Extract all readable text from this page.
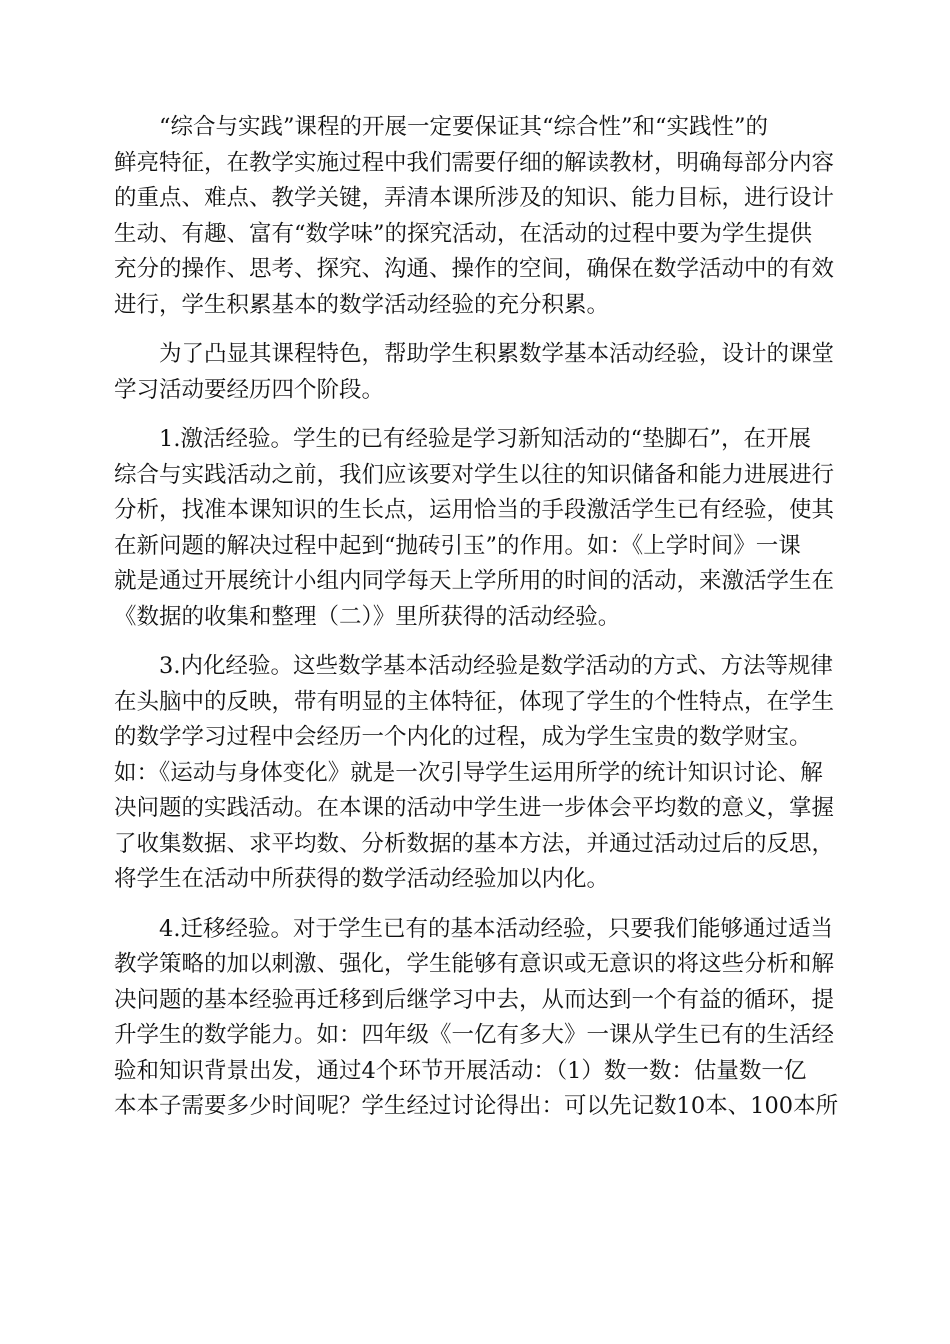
　　“综合与实践”课程的开展一定要保证其“综合性”和“实践性”的
鲜亮特征，在教学实施过程中我们需要仔细的解读教材，明确每部分内容
的重点、难点、教学关键，弄清本课所涉及的知识、能力目标，进行设计
生动、有趣、富有“数学味”的探究活动，在活动的过程中要为学生提供
充分的操作、思考、探究、沟通、操作的空间，确保在数学活动中的有效
进行，学生积累基本的数学活动经验的充分积累。

　　为了凸显其课程特色，帮助学生积累数学基本活动经验，设计的课堂
学习活动要经历四个阶段。

　　1.激活经验。学生的已有经验是学习新知活动的“垫脚石”，在开展
综合与实践活动之前，我们应该要对学生以往的知识储备和能力进展进行
分析，找准本课知识的生长点，运用恰当的手段激活学生已有经验，使其
在新问题的解决过程中起到“抛砖引玉”的作用。如：《上学时间》一课
就是通过开展统计小组内同学每天上学所用的时间的活动，来激活学生在
《数据的收集和整理（二）》里所获得的活动经验。

　　3.内化经验。这些数学基本活动经验是数学活动的方式、方法等规律
在头脑中的反映，带有明显的主体特征，体现了学生的个性特点，在学生
的数学学习过程中会经历一个内化的过程，成为学生宝贵的数学财宝。
如：《运动与身体变化》就是一次引导学生运用所学的统计知识讨论、解
决问题的实践活动。在本课的活动中学生进一步体会平均数的意义，掌握
了收集数据、求平均数、分析数据的基本方法，并通过活动过后的反思，
将学生在活动中所获得的数学活动经验加以内化。

　　4.迁移经验。对于学生已有的基本活动经验，只要我们能够通过适当
教学策略的加以刺激、强化，学生能够有意识或无意识的将这些分析和解
决问题的基本经验再迁移到后继学习中去，从而达到一个有益的循环，提
升学生的数学能力。如：四年级《一亿有多大》一课从学生已有的生活经
验和知识背景出发，通过4个环节开展活动：（1）数一数：估量数一亿
本本子需要多少时间呢？学生经过讨论得出：可以先记数10本、100本所
